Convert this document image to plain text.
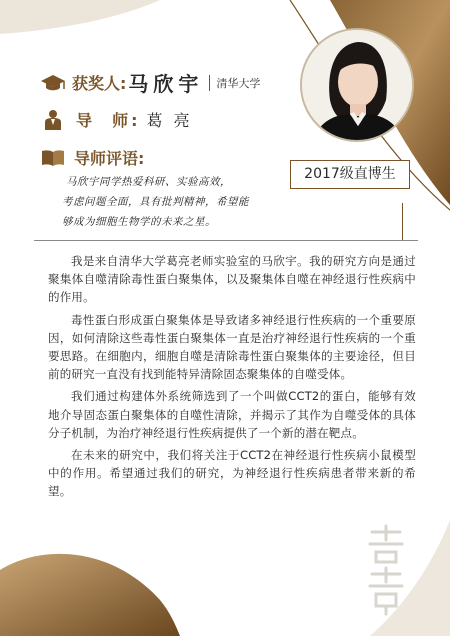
获奖人: 马欣宇 清华大学
导  师: 葛 亮
导师评语:

马欣宇同学热爱科研、实验高效，

考虑问题全面，具有批判精神，希望能

够成为细胞生物学的未来之星。

2017级直博生

我是来自清华大学葛亮老师实验室的马欣宇。我的研究方向是通过聚集体自噬清除毒性蛋白聚集体，以及聚集体自噬在神经退行性疾病中的作用。

毒性蛋白形成蛋白聚集体是导致诸多神经退行性疾病的一个重要原因，如何清除这些毒性蛋白聚集体一直是治疗神经退行性疾病的一个重要思路。在细胞内，细胞自噬是清除毒性蛋白聚集体的主要途径，但目前的研究一直没有找到能特异清除固态聚集体的自噬受体。

我们通过构建体外系统筛选到了一个叫做CCT2的蛋白，能够有效地介导固态蛋白聚集体的自噬性清除，并揭示了其作为自噬受体的具体分子机制，为治疗神经退行性疾病提供了一个新的潜在靶点。

在未来的研究中，我们将关注于CCT2在神经退行性疾病小鼠模型中的作用。希望通过我们的研究，为神经退行性疾病患者带来新的希望。
